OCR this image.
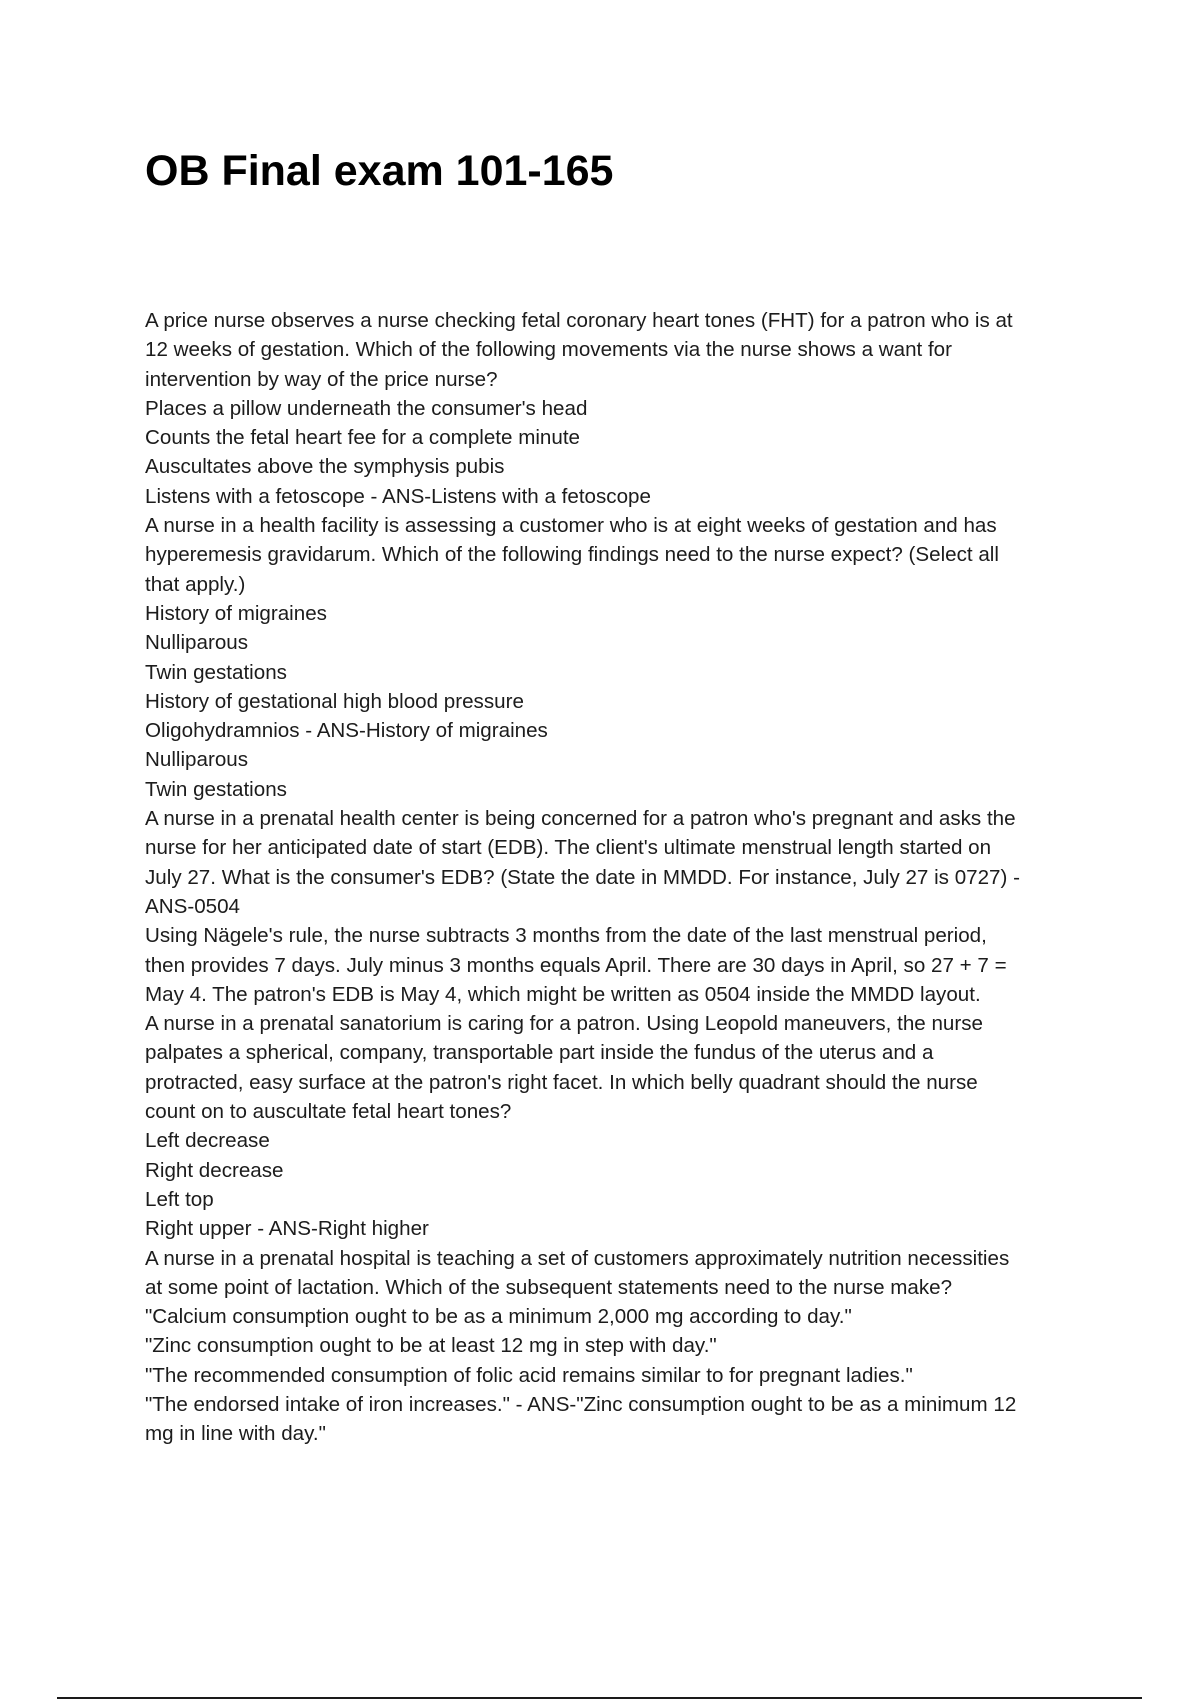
OB Final exam 101-165
A price nurse observes a nurse checking fetal coronary heart tones (FHT) for a patron who is at
12 weeks of gestation. Which of the following movements via the nurse shows a want for
intervention by way of the price nurse?
Places a pillow underneath the consumer's head
Counts the fetal heart fee for a complete minute
Auscultates above the symphysis pubis
Listens with a fetoscope - ANS-Listens with a fetoscope
A nurse in a health facility is assessing a customer who is at eight weeks of gestation and has
hyperemesis gravidarum. Which of the following findings need to the nurse expect? (Select all
that apply.)
History of migraines
Nulliparous
Twin gestations
History of gestational high blood pressure
Oligohydramnios - ANS-History of migraines
Nulliparous
Twin gestations
A nurse in a prenatal health center is being concerned for a patron who's pregnant and asks the
nurse for her anticipated date of start (EDB). The client's ultimate menstrual length started on
July 27. What is the consumer's EDB? (State the date in MMDD. For instance, July 27 is 0727) -
ANS-0504
Using Nägele's rule, the nurse subtracts 3 months from the date of the last menstrual period,
then provides 7 days. July minus 3 months equals April. There are 30 days in April, so 27 + 7 =
May 4. The patron's EDB is May 4, which might be written as 0504 inside the MMDD layout.
A nurse in a prenatal sanatorium is caring for a patron. Using Leopold maneuvers, the nurse
palpates a spherical, company, transportable part inside the fundus of the uterus and a
protracted, easy surface at the patron's right facet. In which belly quadrant should the nurse
count on to auscultate fetal heart tones?
Left decrease
Right decrease
Left top
Right upper - ANS-Right higher
A nurse in a prenatal hospital is teaching a set of customers approximately nutrition necessities
at some point of lactation. Which of the subsequent statements need to the nurse make?
"Calcium consumption ought to be as a minimum 2,000 mg according to day."
"Zinc consumption ought to be at least 12 mg in step with day."
"The recommended consumption of folic acid remains similar to for pregnant ladies."
"The endorsed intake of iron increases." - ANS-"Zinc consumption ought to be as a minimum 12
mg in line with day."
